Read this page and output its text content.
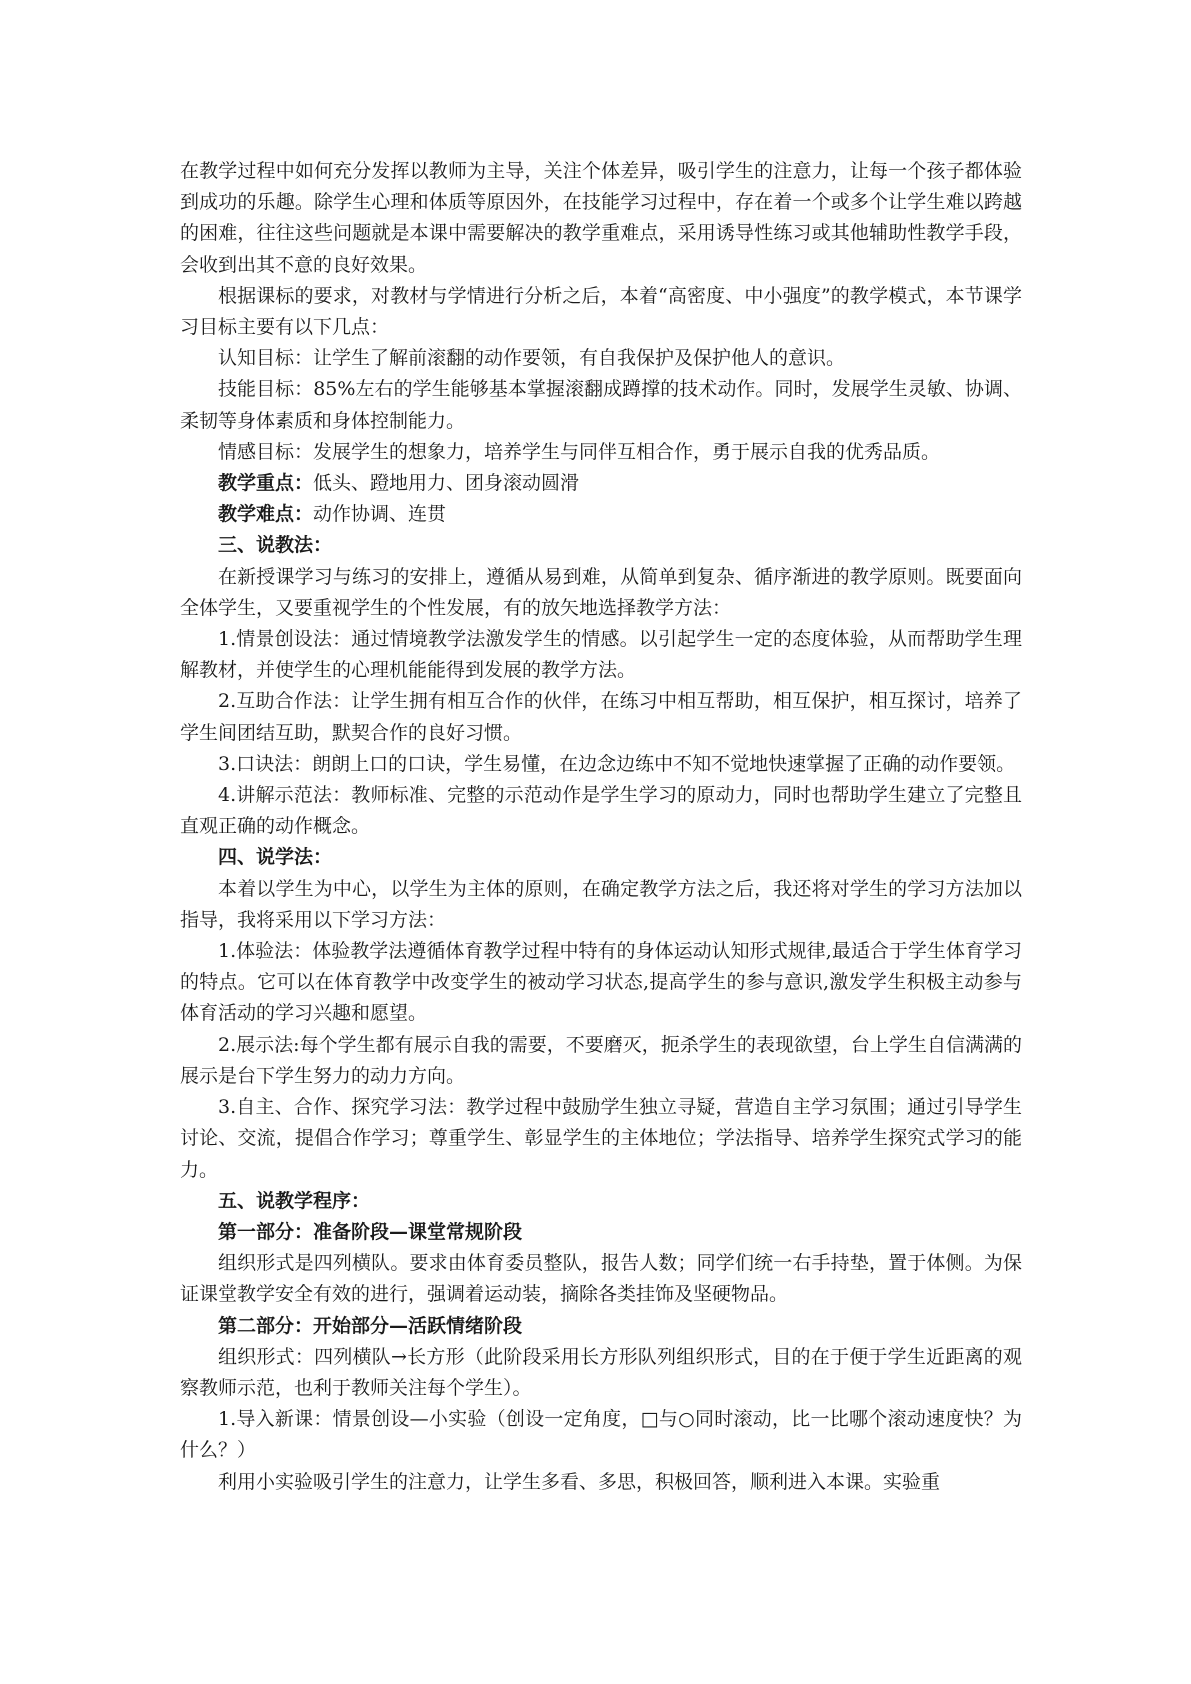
在教学过程中如何充分发挥以教师为主导，关注个体差异，吸引学生的注意力，让每一个孩子都体验到成功的乐趣。除学生心理和体质等原因外，在技能学习过程中，存在着一个或多个让学生难以跨越的困难，往往这些问题就是本课中需要解决的教学重难点，采用诱导性练习或其他辅助性教学手段，会收到出其不意的良好效果。

根据课标的要求，对教材与学情进行分析之后，本着“高密度、中小强度”的教学模式，本节课学习目标主要有以下几点：

认知目标：让学生了解前滚翻的动作要领，有自我保护及保护他人的意识。

技能目标：85%左右的学生能够基本掌握滚翻成蹲撑的技术动作。同时，发展学生灵敏、协调、柔韧等身体素质和身体控制能力。

情感目标：发展学生的想象力，培养学生与同伴互相合作，勇于展示自我的优秀品质。

教学重点：低头、蹬地用力、团身滚动圆滑

教学难点：动作协调、连贯

三、说教法：

在新授课学习与练习的安排上，遵循从易到难，从简单到复杂、循序渐进的教学原则。既要面向全体学生，又要重视学生的个性发展，有的放矢地选择教学方法：

1.情景创设法：通过情境教学法激发学生的情感。以引起学生一定的态度体验，从而帮助学生理解教材，并使学生的心理机能能得到发展的教学方法。

2.互助合作法：让学生拥有相互合作的伙伴，在练习中相互帮助，相互保护，相互探讨，培养了学生间团结互助，默契合作的良好习惯。

3.口诀法：朗朗上口的口诀，学生易懂，在边念边练中不知不觉地快速掌握了正确的动作要领。

4.讲解示范法：教师标准、完整的示范动作是学生学习的原动力，同时也帮助学生建立了完整且直观正确的动作概念。

四、说学法：

本着以学生为中心，以学生为主体的原则，在确定教学方法之后，我还将对学生的学习方法加以指导，我将采用以下学习方法：

1.体验法：体验教学法遵循体育教学过程中特有的身体运动认知形式规律,最适合于学生体育学习的特点。它可以在体育教学中改变学生的被动学习状态,提高学生的参与意识,激发学生积极主动参与体育活动的学习兴趣和愿望。

2.展示法:每个学生都有展示自我的需要，不要磨灭，扼杀学生的表现欲望，台上学生自信满满的展示是台下学生努力的动力方向。

3.自主、合作、探究学习法：教学过程中鼓励学生独立寻疑，营造自主学习氛围；通过引导学生讨论、交流，提倡合作学习；尊重学生、彰显学生的主体地位；学法指导、培养学生探究式学习的能力。

五、说教学程序：

第一部分：准备阶段—课堂常规阶段

组织形式是四列横队。要求由体育委员整队，报告人数；同学们统一右手持垫，置于体侧。为保证课堂教学安全有效的进行，强调着运动装，摘除各类挂饰及坚硬物品。

第二部分：开始部分—活跃情绪阶段

组织形式：四列横队→长方形（此阶段采用长方形队列组织形式，目的在于便于学生近距离的观察教师示范，也利于教师关注每个学生）。

1.导入新课：情景创设—小实验（创设一定角度，□与○同时滚动，比一比哪个滚动速度快？为什么？）

利用小实验吸引学生的注意力，让学生多看、多思，积极回答，顺利进入本课。实验重
